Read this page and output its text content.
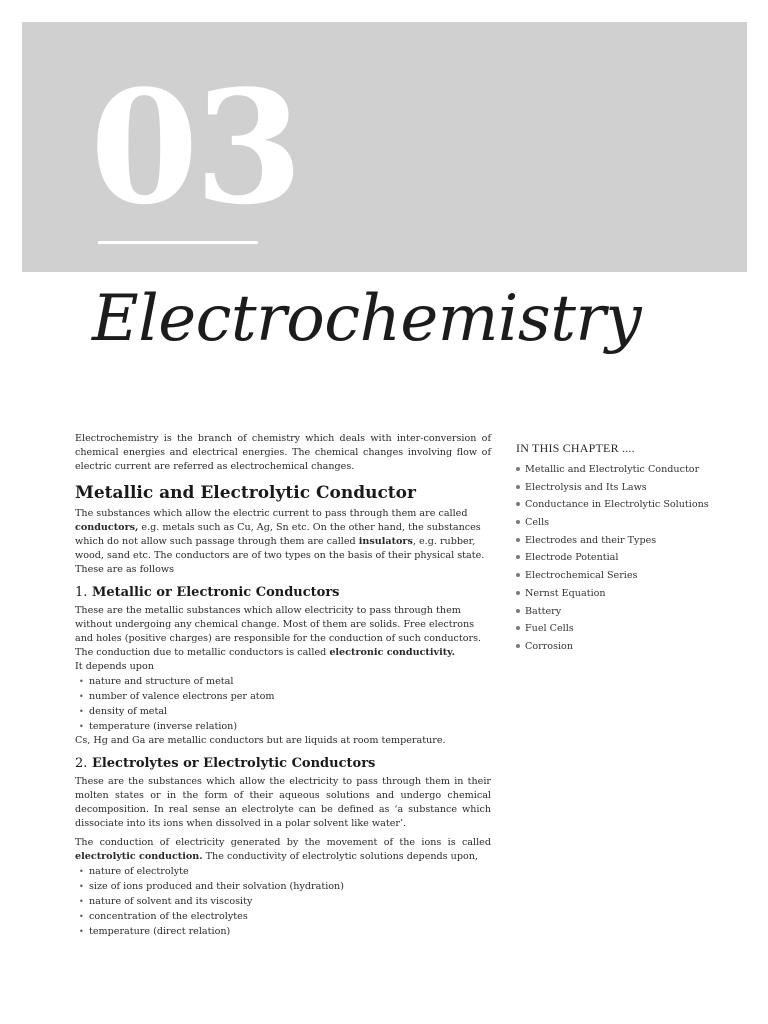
03
Electrochemistry

Electrochemistry is the branch of chemistry which deals with inter-conversion of chemical energies and electrical energies. The chemical changes involving flow of electric current are referred as electrochemical changes.

Metallic and Electrolytic Conductor

The substances which allow the electric current to pass through them are called conductors, e.g. metals such as Cu, Ag, Sn etc. On the other hand, the substances which do not allow such passage through them are called insulators, e.g. rubber, wood, sand etc. The conductors are of two types on the basis of their physical state. These are as follows

1. Metallic or Electronic Conductors

These are the metallic substances which allow electricity to pass through them without undergoing any chemical change. Most of them are solids. Free electrons and holes (positive charges) are responsible for the conduction of such conductors. The conduction due to metallic conductors is called electronic conductivity.
It depends upon

• nature and structure of metal
• number of valence electrons per atom
• density of metal
• temperature (inverse relation)

Cs, Hg and Ga are metallic conductors but are liquids at room temperature.

2. Electrolytes or Electrolytic Conductors

These are the substances which allow the electricity to pass through them in their molten states or in the form of their aqueous solutions and undergo chemical decomposition. In real sense an electrolyte can be defined as ‘a substance which dissociate into its ions when dissolved in a polar solvent like water’.

The conduction of electricity generated by the movement of the ions is called electrolytic conduction. The conductivity of electrolytic solutions depends upon,

• nature of electrolyte
• size of ions produced and their solvation (hydration)
• nature of solvent and its viscosity
• concentration of the electrolytes
• temperature (direct relation)
IN THIS CHAPTER ....
Metallic and Electrolytic Conductor
Electrolysis and Its Laws
Conductance in Electrolytic Solutions
Cells
Electrodes and their Types
Electrode Potential
Electrochemical Series
Nernst Equation
Battery
Fuel Cells
Corrosion
